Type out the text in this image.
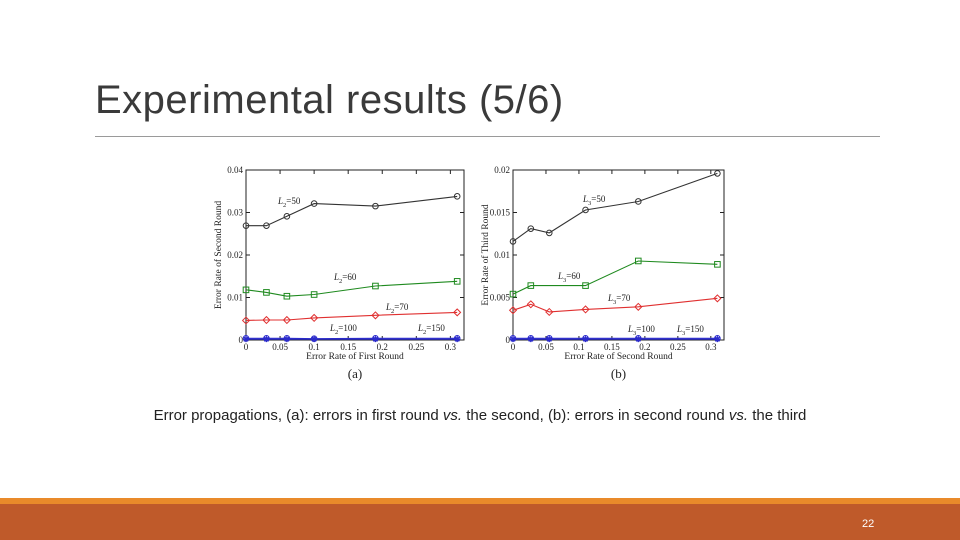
Experimental results (5/6)
0
0.01
0.02
0.03
0.04
0	0.05 0.1 0.15 0.2 0.25 0.3
Error Rate of First Round
Error Rate of Second Round
(a)
$L_2=50$
$L_2=60$
$L_2=70$
$L_2=100$	$L_2=150$
0
0.005
0.01
0.015
0.02
0	0.05 0.1 0.15 0.2 0.25 0.3
Error Rate of Second Round
Error Rate of Third Round
(b)
$L_3=50$
$L_3=60$
$L_3=70$
$L_3=100$ $L_3=150$
Error propagations, (a): errors in first round vs. the second, (b): errors in second round vs. the third
22
